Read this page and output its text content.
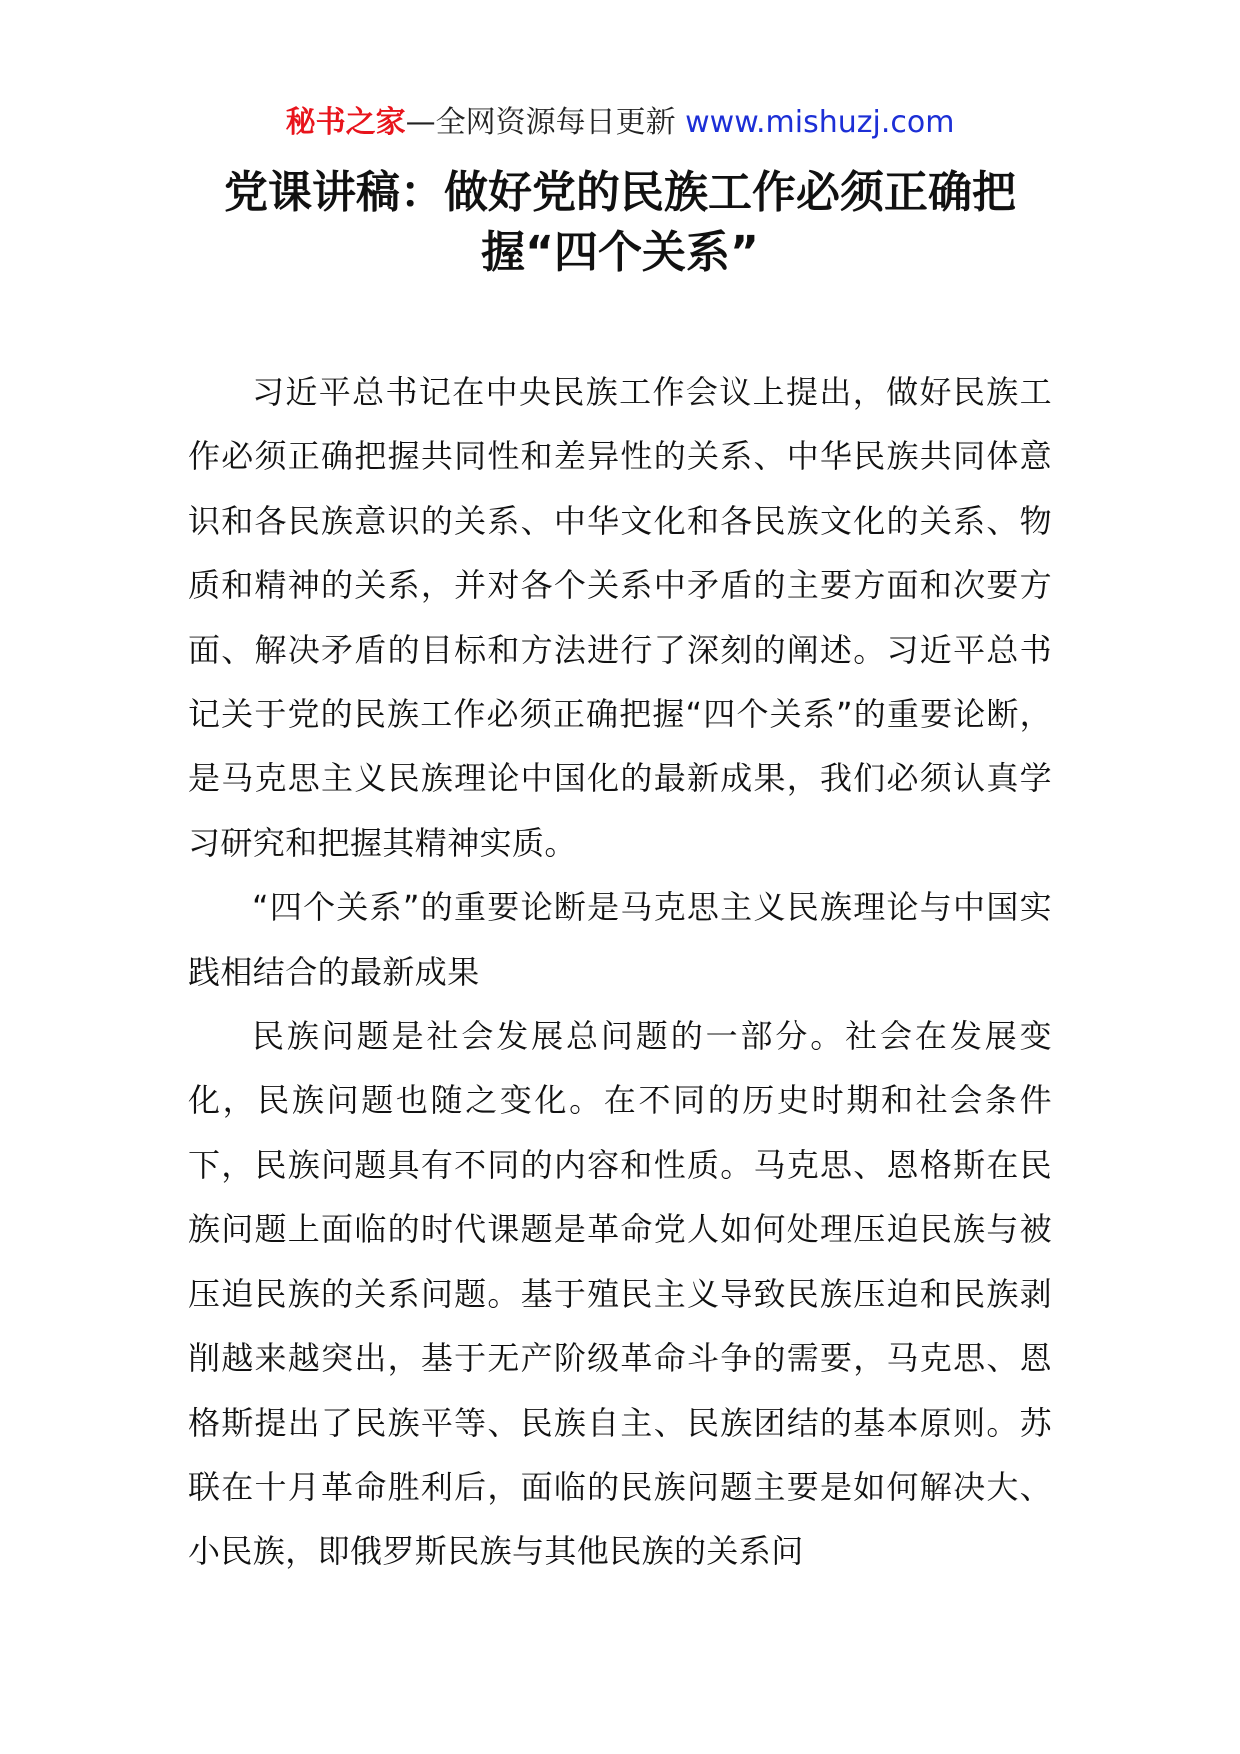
秘书之家—全网资源每日更新 www.mishuzj.com
党课讲稿：做好党的民族工作必须正确把握“四个关系”

习近平总书记在中央民族工作会议上提出，做好民族工作必须正确把握共同性和差异性的关系、中华民族共同体意识和各民族意识的关系、中华文化和各民族文化的关系、物质和精神的关系，并对各个关系中矛盾的主要方面和次要方面、解决矛盾的目标和方法进行了深刻的阐述。习近平总书记关于党的民族工作必须正确把握“四个关系”的重要论断，是马克思主义民族理论中国化的最新成果，我们必须认真学习研究和把握其精神实质。

“四个关系”的重要论断是马克思主义民族理论与中国实践相结合的最新成果

民族问题是社会发展总问题的一部分。社会在发展变化，民族问题也随之变化。在不同的历史时期和社会条件下，民族问题具有不同的内容和性质。马克思、恩格斯在民族问题上面临的时代课题是革命党人如何处理压迫民族与被压迫民族的关系问题。基于殖民主义导致民族压迫和民族剥削越来越突出，基于无产阶级革命斗争的需要，马克思、恩格斯提出了民族平等、民族自主、民族团结的基本原则。苏联在十月革命胜利后，面临的民族问题主要是如何解决大、小民族，即俄罗斯民族与其他民族的关系问
